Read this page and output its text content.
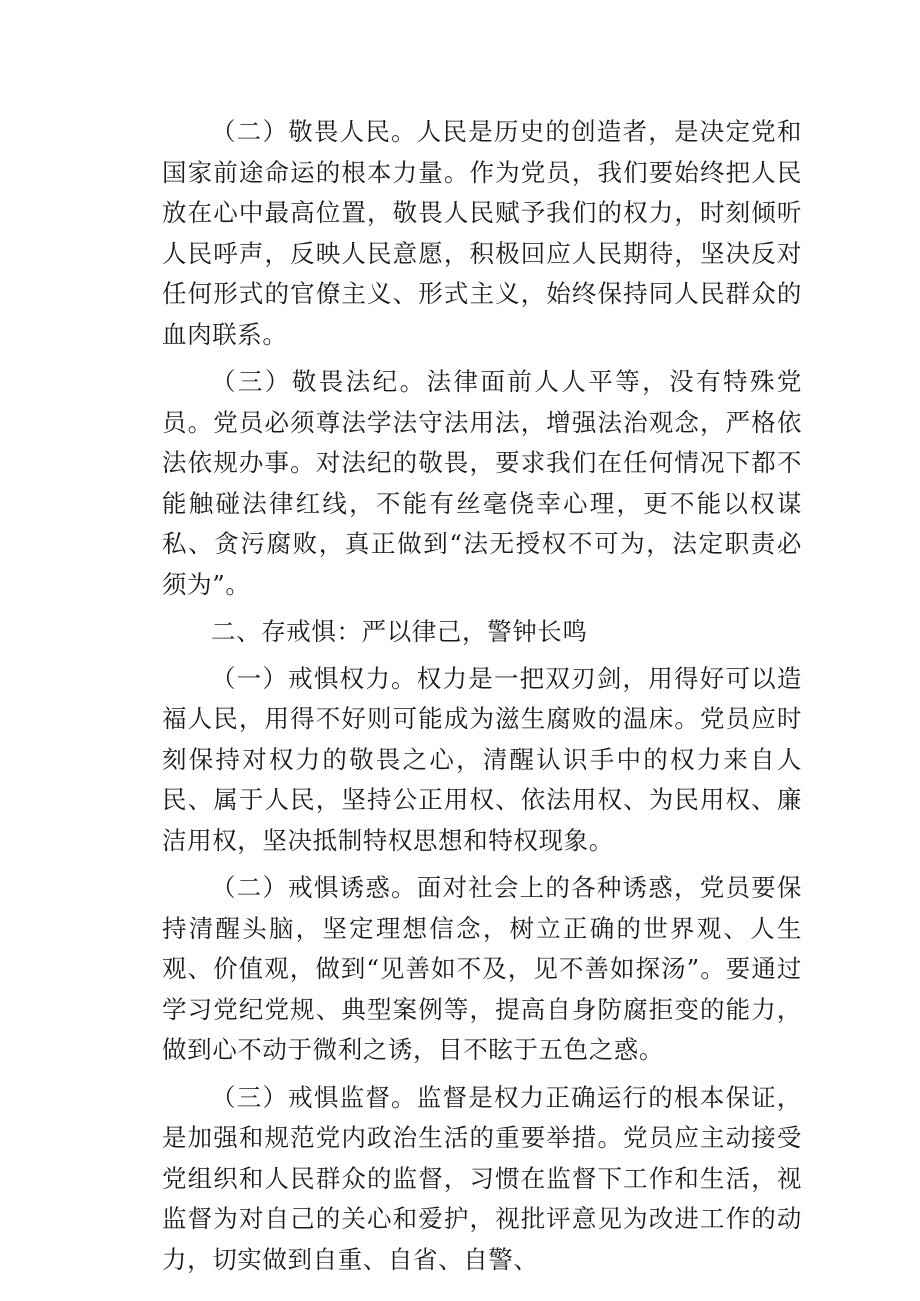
（二）敬畏人民。人民是历史的创造者，是决定党和国家前途命运的根本力量。作为党员，我们要始终把人民放在心中最高位置，敬畏人民赋予我们的权力，时刻倾听人民呼声，反映人民意愿，积极回应人民期待，坚决反对任何形式的官僚主义、形式主义，始终保持同人民群众的血肉联系。

（三）敬畏法纪。法律面前人人平等，没有特殊党员。党员必须尊法学法守法用法，增强法治观念，严格依法依规办事。对法纪的敬畏，要求我们在任何情况下都不能触碰法律红线，不能有丝毫侥幸心理，更不能以权谋私、贪污腐败，真正做到“法无授权不可为，法定职责必须为”。

二、存戒惧：严以律己，警钟长鸣

（一）戒惧权力。权力是一把双刃剑，用得好可以造福人民，用得不好则可能成为滋生腐败的温床。党员应时刻保持对权力的敬畏之心，清醒认识手中的权力来自人民、属于人民，坚持公正用权、依法用权、为民用权、廉洁用权，坚决抵制特权思想和特权现象。

（二）戒惧诱惑。面对社会上的各种诱惑，党员要保持清醒头脑，坚定理想信念，树立正确的世界观、人生观、价值观，做到“见善如不及，见不善如探汤”。要通过学习党纪党规、典型案例等，提高自身防腐拒变的能力，做到心不动于微利之诱，目不眩于五色之惑。

（三）戒惧监督。监督是权力正确运行的根本保证，是加强和规范党内政治生活的重要举措。党员应主动接受党组织和人民群众的监督，习惯在监督下工作和生活，视监督为对自己的关心和爱护，视批评意见为改进工作的动力，切实做到自重、自省、自警、
